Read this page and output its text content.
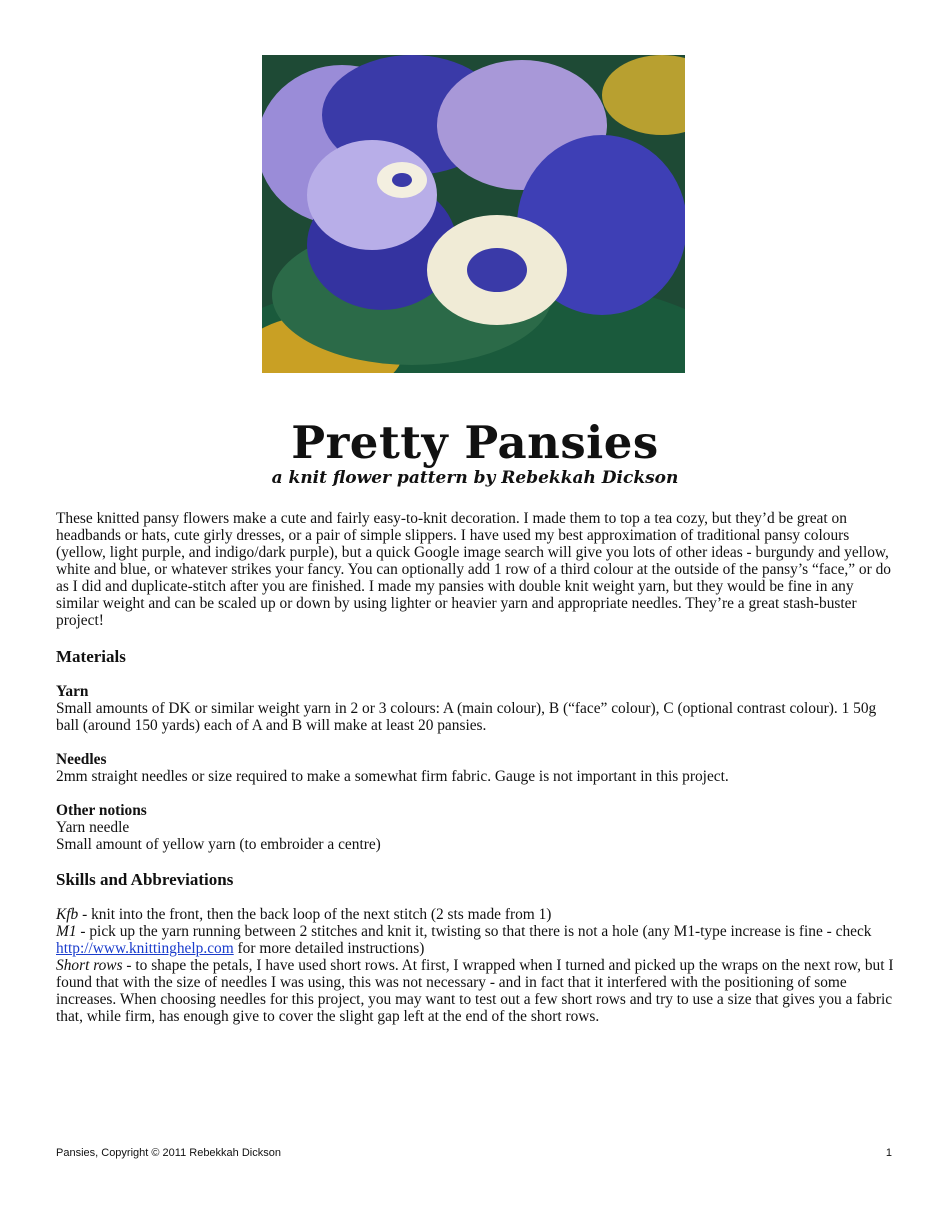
Pretty Pansies
a knit flower pattern by Rebekkah Dickson

These knitted pansy flowers make a cute and fairly easy-to-knit decoration. I made them to top a tea cozy, but they’d be great on headbands or hats, cute girly dresses, or a pair of simple slippers. I have used my best approximation of traditional pansy colours (yellow, light purple, and indigo/dark purple), but a quick Google image search will give you lots of other ideas - burgundy and yellow, white and blue, or whatever strikes your fancy. You can optionally add 1 row of a third colour at the outside of the pansy’s “face,” or do as I did and duplicate-stitch after you are finished. I made my pansies with double knit weight yarn, but they would be fine in any similar weight and can be scaled up or down by using lighter or heavier yarn and appropriate needles. They’re a great stash-buster project!

Materials
Yarn

Small amounts of DK or similar weight yarn in 2 or 3 colours: A (main colour), B (“face” colour), C (optional contrast colour). 1 50g ball (around 150 yards) each of A and B will make at least 20 pansies.

Needles

2mm straight needles or size required to make a somewhat firm fabric. Gauge is not important in this project.

Other notions

Yarn needle

Small amount of yellow yarn (to embroider a centre)

Skills and Abbreviations

Kfb - knit into the front, then the back loop of the next stitch (2 sts made from 1)

M1 - pick up the yarn running between 2 stitches and knit it, twisting so that there is not a hole (any M1-type increase is fine - check http://www.knittinghelp.com for more detailed instructions)

Short rows - to shape the petals, I have used short rows. At first, I wrapped when I turned and picked up the wraps on the next row, but I found that with the size of needles I was using, this was not necessary - and in fact that it interfered with the positioning of some increases. When choosing needles for this project, you may want to test out a few short rows and try to use a size that gives you a fabric that, while firm, has enough give to cover the slight gap left at the end of the short rows.

Pansies, Copyright © 2011 Rebekkah Dickson	1
